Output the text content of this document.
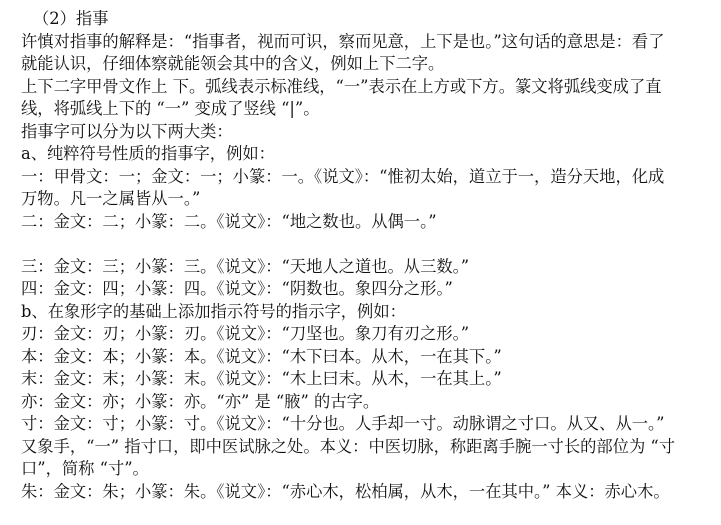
（2）指事
许慎对指事的解释是：“指事者，视而可识，察而见意，上下是也。”这句话的意思是：看了
就能认识，仔细体察就能领会其中的含义，例如上下二字。
上下二字甲骨文作上 下。弧线表示标准线，“一”表示在上方或下方。篆文将弧线变成了直
线，将弧线上下的 “一” 变成了竖线 “|”。
指事字可以分为以下两大类：
a、纯粹符号性质的指事字，例如：
一：甲骨文：一；金文：一；小篆：一。《说文》：“惟初太始，道立于一，造分天地，化成
万物。凡一之属皆从一。”
二：金文：二；小篆：二。《说文》：“地之数也。从偶一。”
三：金文：三；小篆：三。《说文》：“天地人之道也。从三数。”
四：金文：四；小篆：四。《说文》：“阴数也。象四分之形。”
b、在象形字的基础上添加指示符号的指示字，例如：
刃：金文：刃；小篆：刃。《说文》：“刀坚也。象刀有刃之形。”
本：金文：本；小篆：本。《说文》：“木下曰本。从木，一在其下。”
末：金文：末；小篆：末。《说文》：“木上曰末。从木，一在其上。”
亦：金文：亦；小篆：亦。“亦” 是 “腋” 的古字。
寸：金文：寸；小篆：寸。《说文》：“十分也。人手却一寸。动脉谓之寸口。从又、从一。”
又象手，“一” 指寸口，即中医试脉之处。本义：中医切脉，称距离手腕一寸长的部位为 “寸
口”，简称 “寸”。
朱：金文：朱；小篆：朱。《说文》：“赤心木，松柏属，从木，一在其中。” 本义：赤心木。
